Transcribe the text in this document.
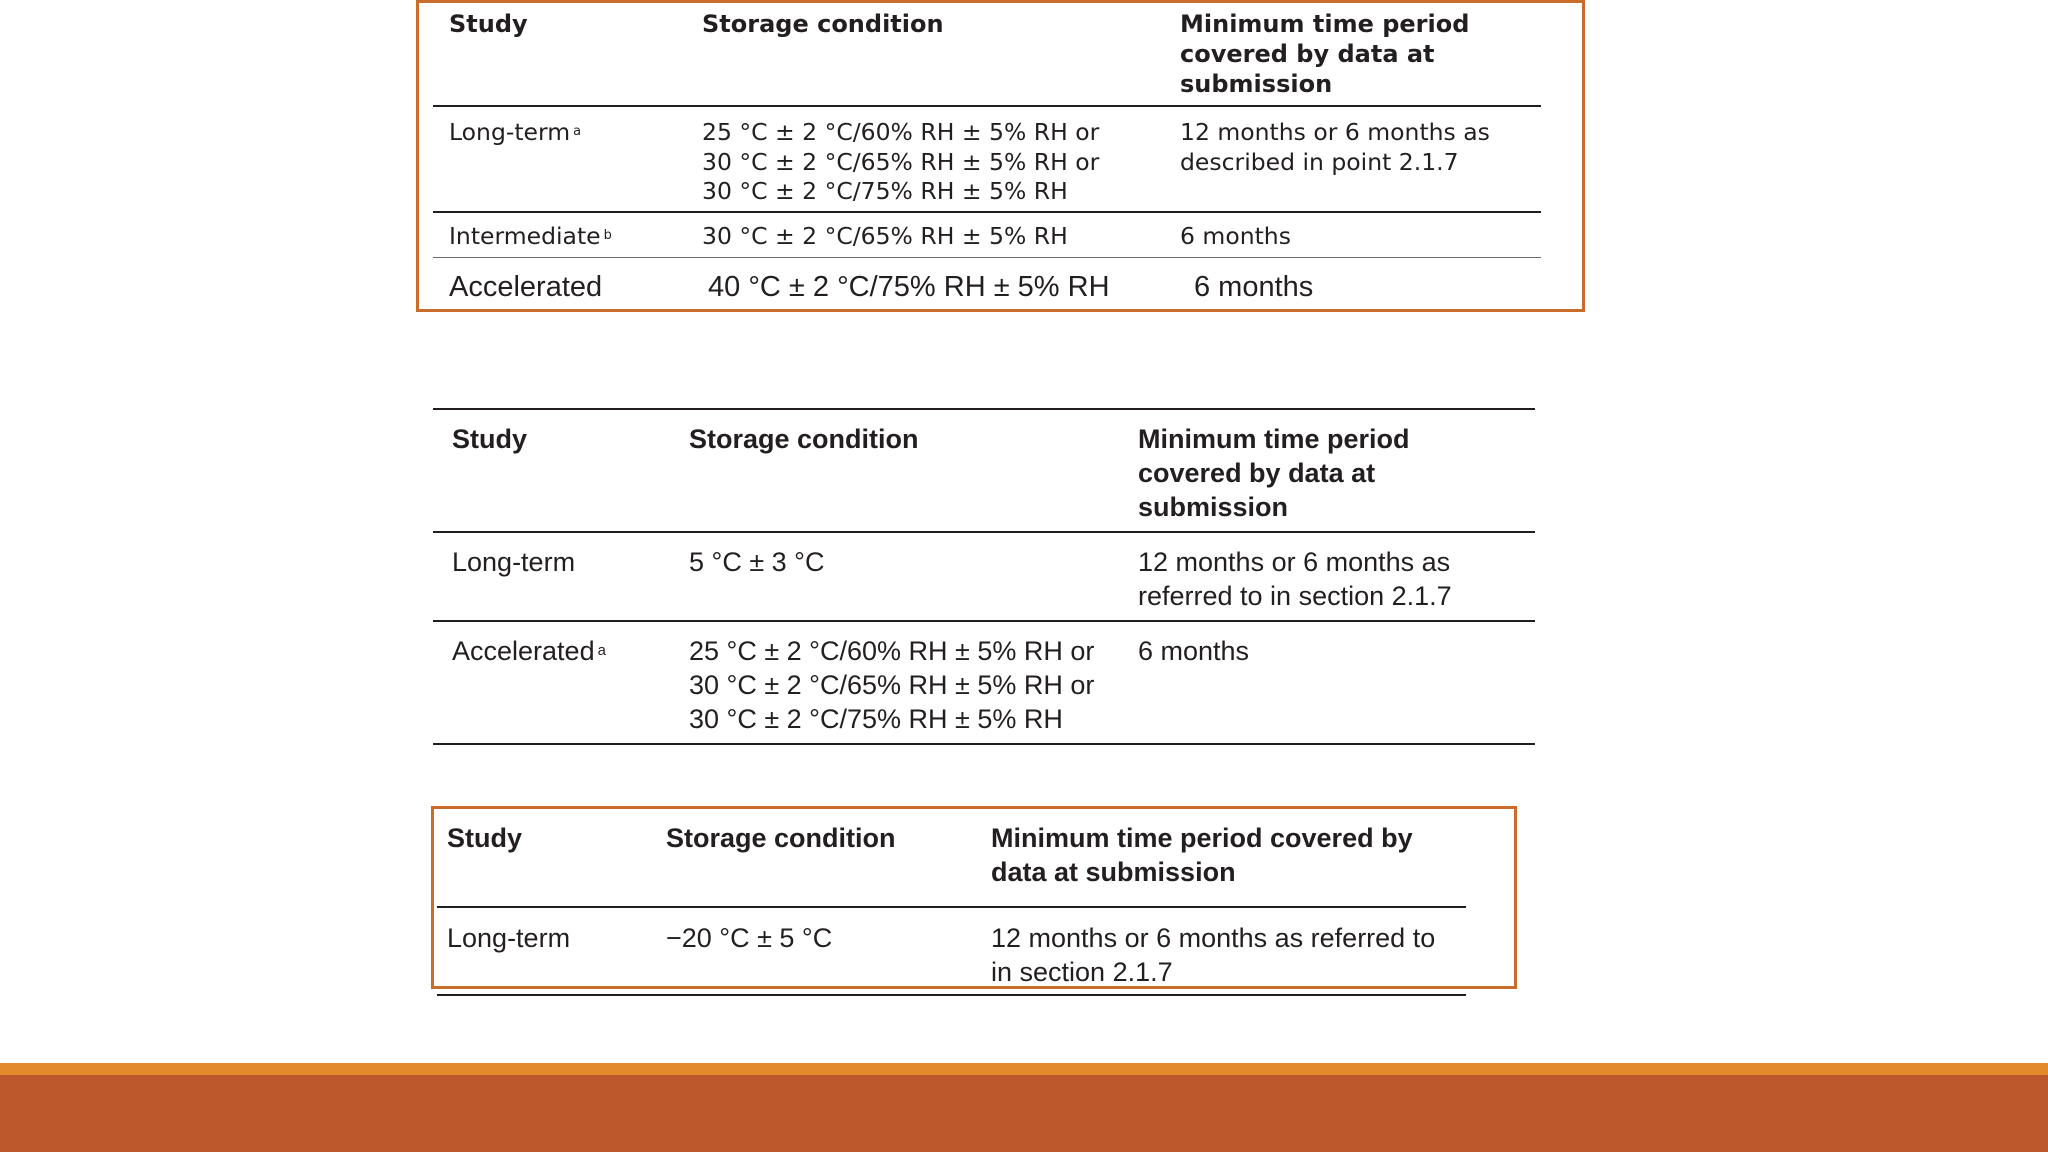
Study	Storage condition	Minimum time period
covered by data at
submission

Long-term $^a$	25 °C ± 2 °C/60% RH ± 5% RH or
30 °C ± 2 °C/65% RH ± 5% RH or
30 °C ± 2 °C/75% RH ± 5% RH	12 months or 6 months as
described in point 2.1.7

Intermediate $^b$	30 °C ± 2 °C/65% RH ± 5% RH	6 months

Accelerated	40 °C ± 2 °C/75% RH ± 5% RH	6 months
Study	Storage condition	Minimum time period
covered by data at
submission

Long-term	5 °C ± 3 °C	12 months or 6 months as
referred to in section 2.1.7

Accelerated $^a$	25 °C ± 2 °C/60% RH ± 5% RH or
30 °C ± 2 °C/65% RH ± 5% RH or
30 °C ± 2 °C/75% RH ± 5% RH	6 months
Study	Storage condition	Minimum time period covered by
data at submission

Long-term	−20 °C ± 5 °C	12 months or 6 months as referred to
in section 2.1.7
